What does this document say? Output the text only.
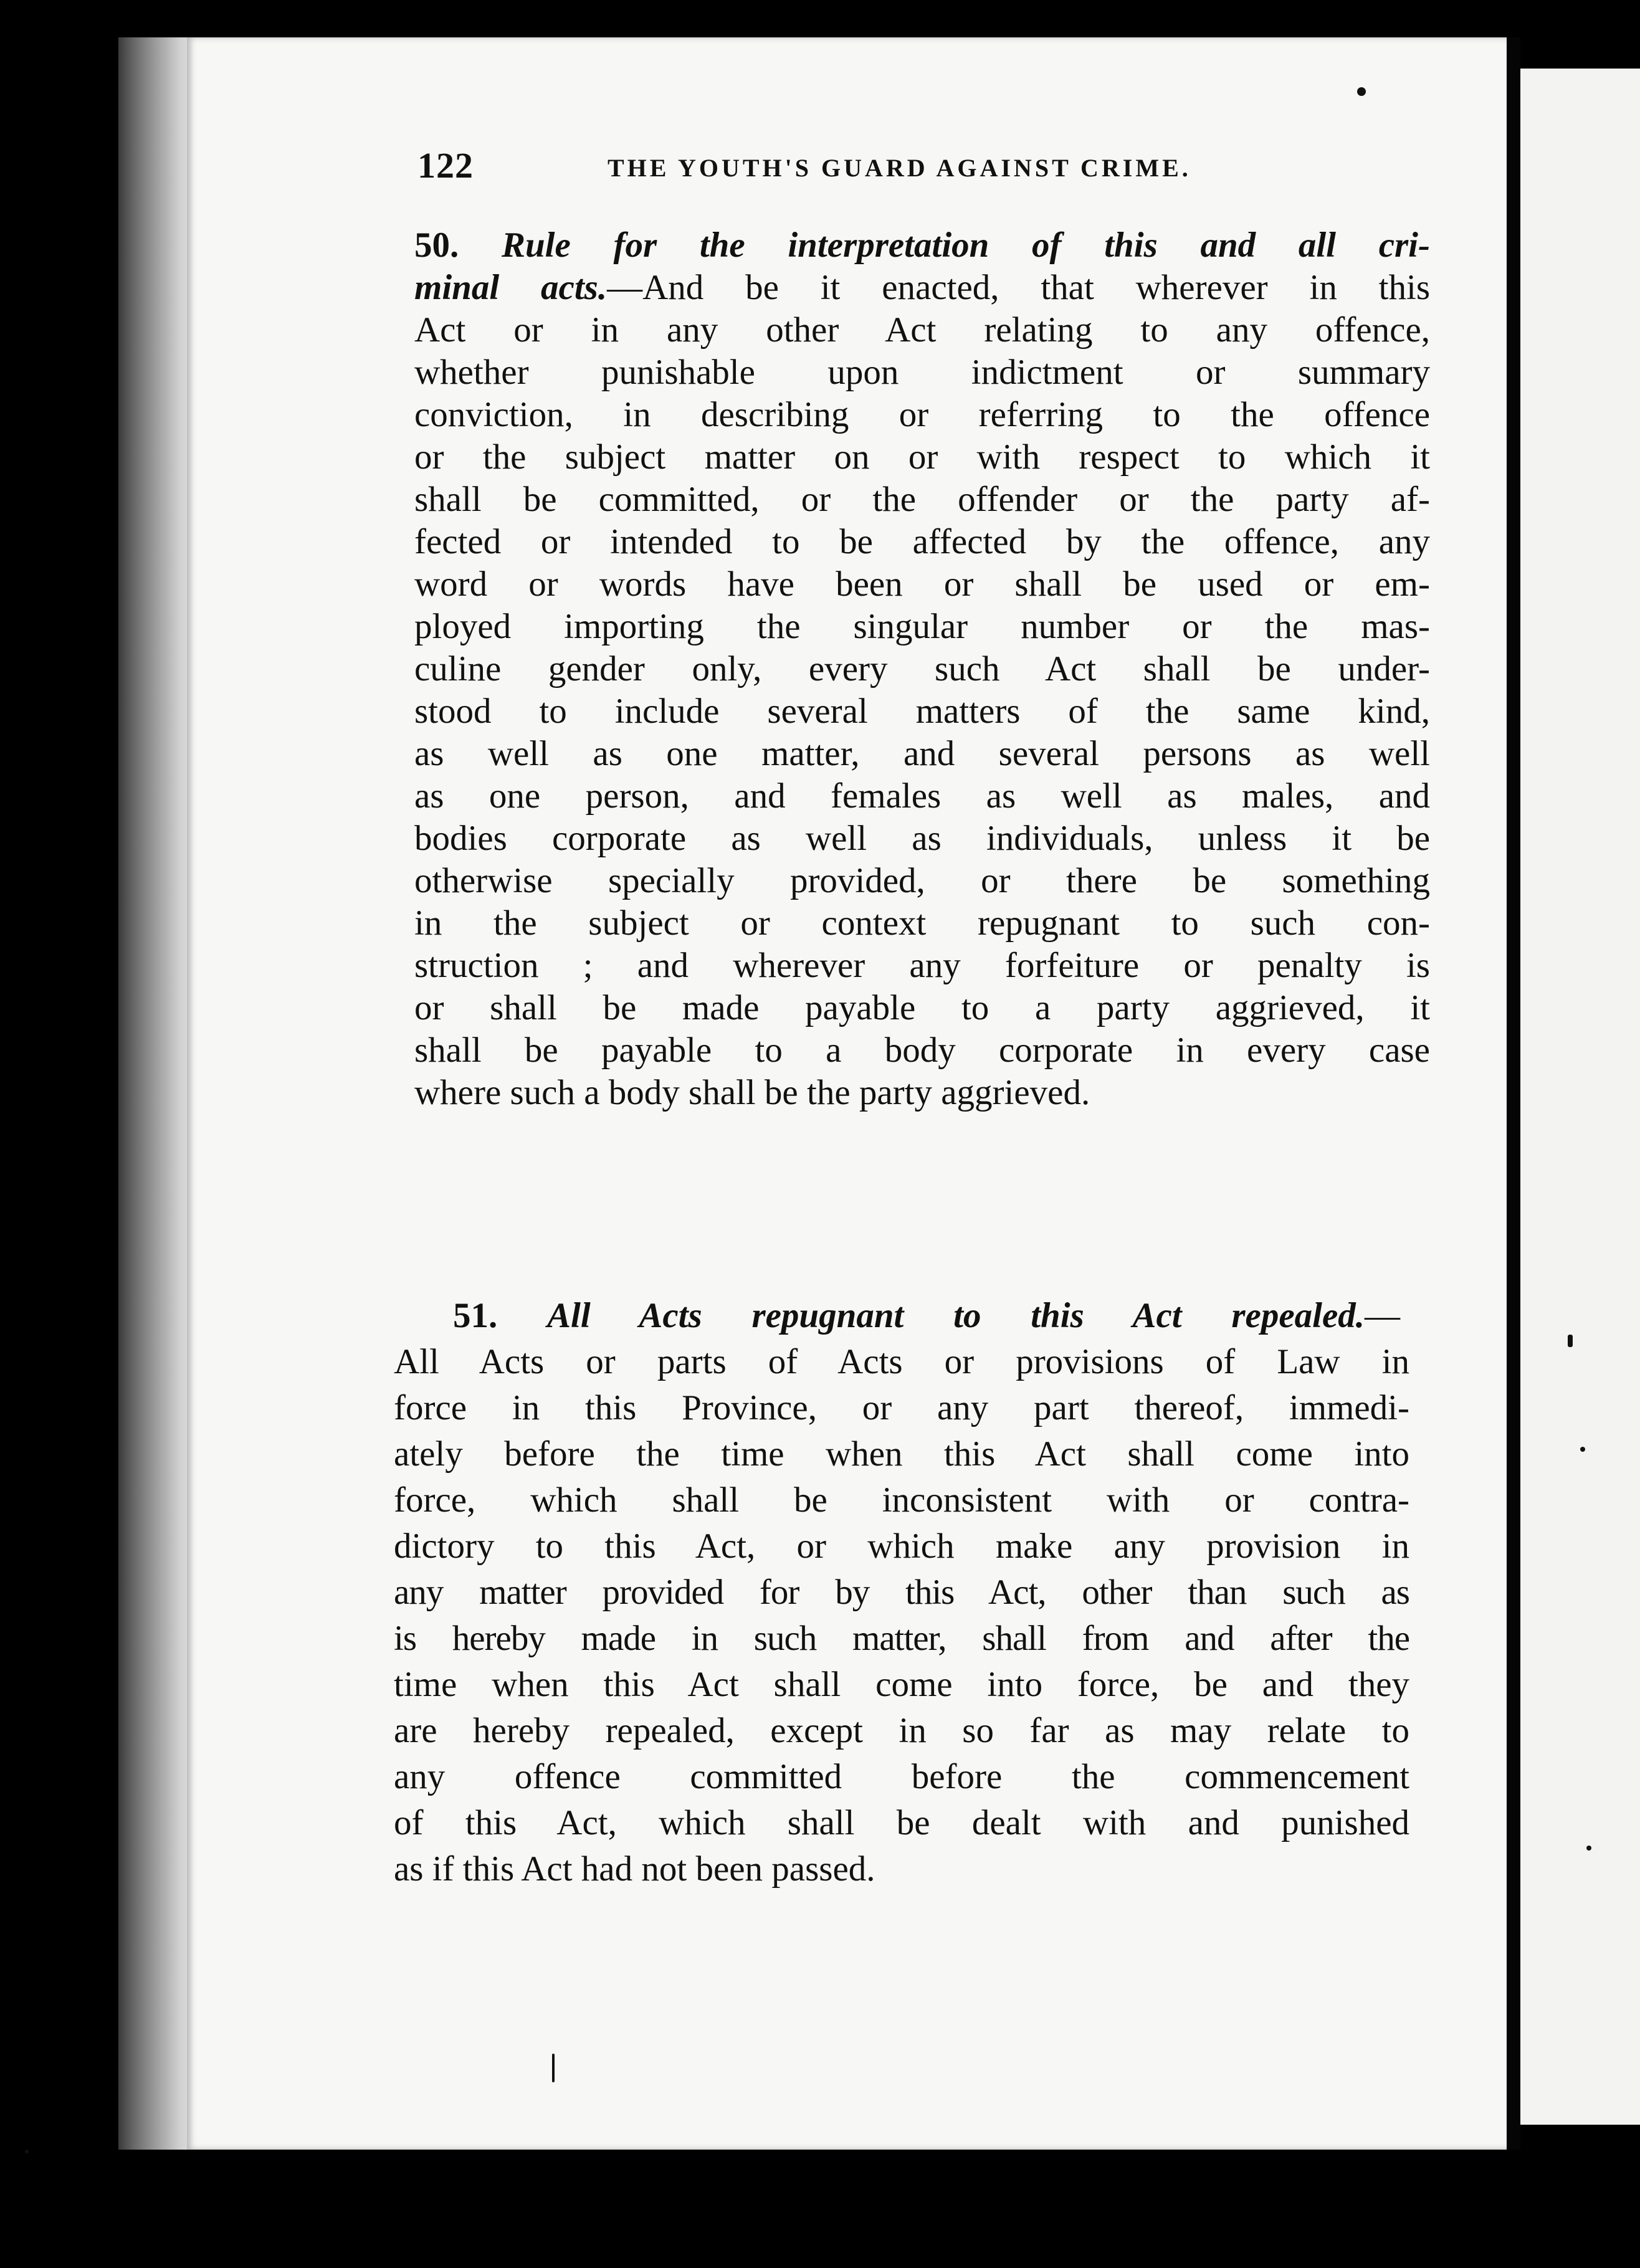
122	THE YOUTH'S GUARD AGAINST CRIME.
50. Rule for the interpretation of this and all cri-
minal acts.—And be it enacted, that wherever in this
Act or in any other Act relating to any offence,
whether punishable upon indictment or summary
conviction, in describing or referring to the offence
or the subject matter on or with respect to which it
shall be committed, or the offender or the party af-
fected or intended to be affected by the offence, any
word or words have been or shall be used or em-
ployed importing the singular number or the mas-
culine gender only, every such Act shall be under-
stood to include several matters of the same kind,
as well as one matter, and several persons as well
as one person, and females as well as males, and
bodies corporate as well as individuals, unless it be
otherwise specially provided, or there be something
in the subject or context repugnant to such con-
struction ; and wherever any forfeiture or penalty is
or shall be made payable to a party aggrieved, it
shall be payable to a body corporate in every case
where such a body shall be the party aggrieved.
51. All Acts repugnant to this Act repealed.—
All Acts or parts of Acts or provisions of Law in
force in this Province, or any part thereof, immedi-
ately before the time when this Act shall come into
force, which shall be inconsistent with or contra-
dictory to this Act, or which make any provision in
any matter provided for by this Act, other than such as
is hereby made in such matter, shall from and after the
time when this Act shall come into force, be and they
are hereby repealed, except in so far as may relate to
any offence committed before the commencement
of this Act, which shall be dealt with and punished
as if this Act had not been passed.
